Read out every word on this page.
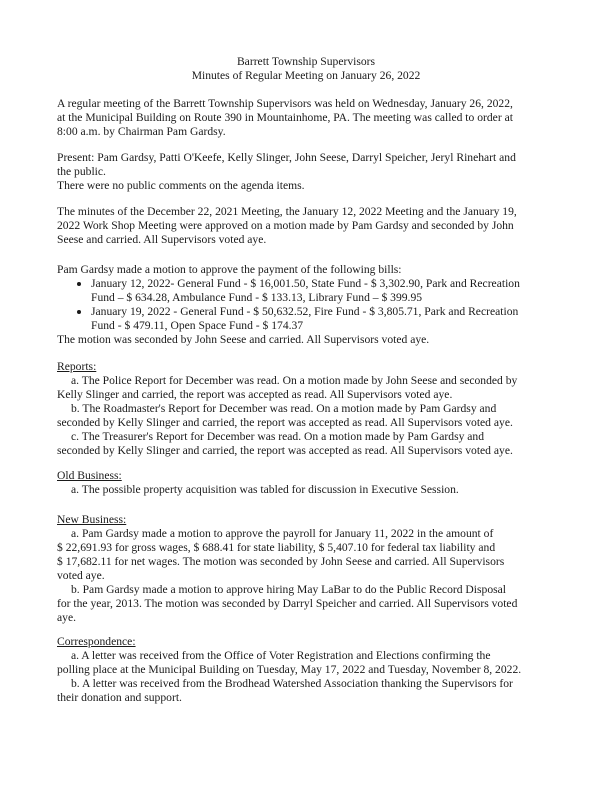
Barrett Township Supervisors
Minutes of Regular Meeting on January 26, 2022
A regular meeting of the Barrett Township Supervisors was held on Wednesday, January 26, 2022,
at the Municipal Building on Route 390 in Mountainhome, PA. The meeting was called to order at
8:00 a.m. by Chairman Pam Gardsy.
Present: Pam Gardsy, Patti O'Keefe, Kelly Slinger, John Seese, Darryl Speicher, Jeryl Rinehart and
the public.
There were no public comments on the agenda items.
The minutes of the December 22, 2021 Meeting, the January 12, 2022 Meeting and the January 19,
2022 Work Shop Meeting were approved on a motion made by Pam Gardsy and seconded by John
Seese and carried. All Supervisors voted aye.
Pam Gardsy made a motion to approve the payment of the following bills:
January 12, 2022- General Fund - $ 16,001.50, State Fund - $ 3,302.90, Park and Recreation
Fund – $ 634.28, Ambulance Fund - $ 133.13, Library Fund – $ 399.95
January 19, 2022 - General Fund - $ 50,632.52, Fire Fund - $ 3,805.71, Park and Recreation
Fund - $ 479.11, Open Space Fund - $ 174.37
The motion was seconded by John Seese and carried. All Supervisors voted aye.
Reports:
a. The Police Report for December was read. On a motion made by John Seese and seconded by
Kelly Slinger and carried, the report was accepted as read. All Supervisors voted aye.
b. The Roadmaster's Report for December was read. On a motion made by Pam Gardsy and
seconded by Kelly Slinger and carried, the report was accepted as read. All Supervisors voted aye.
c. The Treasurer's Report for December was read. On a motion made by Pam Gardsy and
seconded by Kelly Slinger and carried, the report was accepted as read. All Supervisors voted aye.
Old Business:
a. The possible property acquisition was tabled for discussion in Executive Session.
New Business:
a. Pam Gardsy made a motion to approve the payroll for January 11, 2022 in the amount of
$ 22,691.93 for gross wages, $ 688.41 for state liability, $ 5,407.10 for federal tax liability and
$ 17,682.11 for net wages. The motion was seconded by John Seese and carried. All Supervisors
voted aye.
b. Pam Gardsy made a motion to approve hiring May LaBar to do the Public Record Disposal
for the year, 2013. The motion was seconded by Darryl Speicher and carried. All Supervisors voted
aye.
Correspondence:
a. A letter was received from the Office of Voter Registration and Elections confirming the
polling place at the Municipal Building on Tuesday, May 17, 2022 and Tuesday, November 8, 2022.
b. A letter was received from the Brodhead Watershed Association thanking the Supervisors for
their donation and support.
